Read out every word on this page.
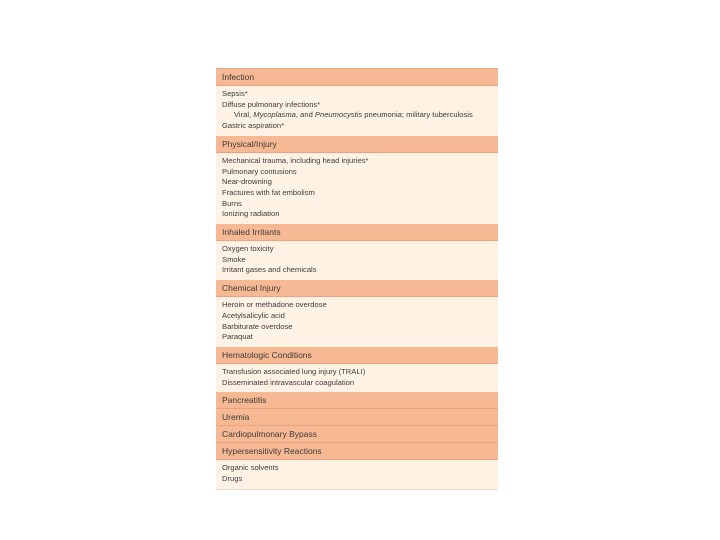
Infection
Sepsis*
Diffuse pulmonary infections*
Viral, Mycoplasma, and Pneumocystis pneumonia; military tuberculosis
Gastric aspiration*
Physical/Injury
Mechanical trauma, including head injuries*
Pulmonary contusions
Near-drowning
Fractures with fat embolism
Burns
Ionizing radiation
Inhaled Irritants
Oxygen toxicity
Smoke
Irritant gases and chemicals
Chemical Injury
Heroin or methadone overdose
Acetylsalicylic acid
Barbiturate overdose
Paraquat
Hematologic Conditions
Transfusion associated lung injury (TRALI)
Disseminated intravascular coagulation
Pancreatitis
Uremia
Cardiopulmonary Bypass
Hypersensitivity Reactions
Organic solvents
Drugs
